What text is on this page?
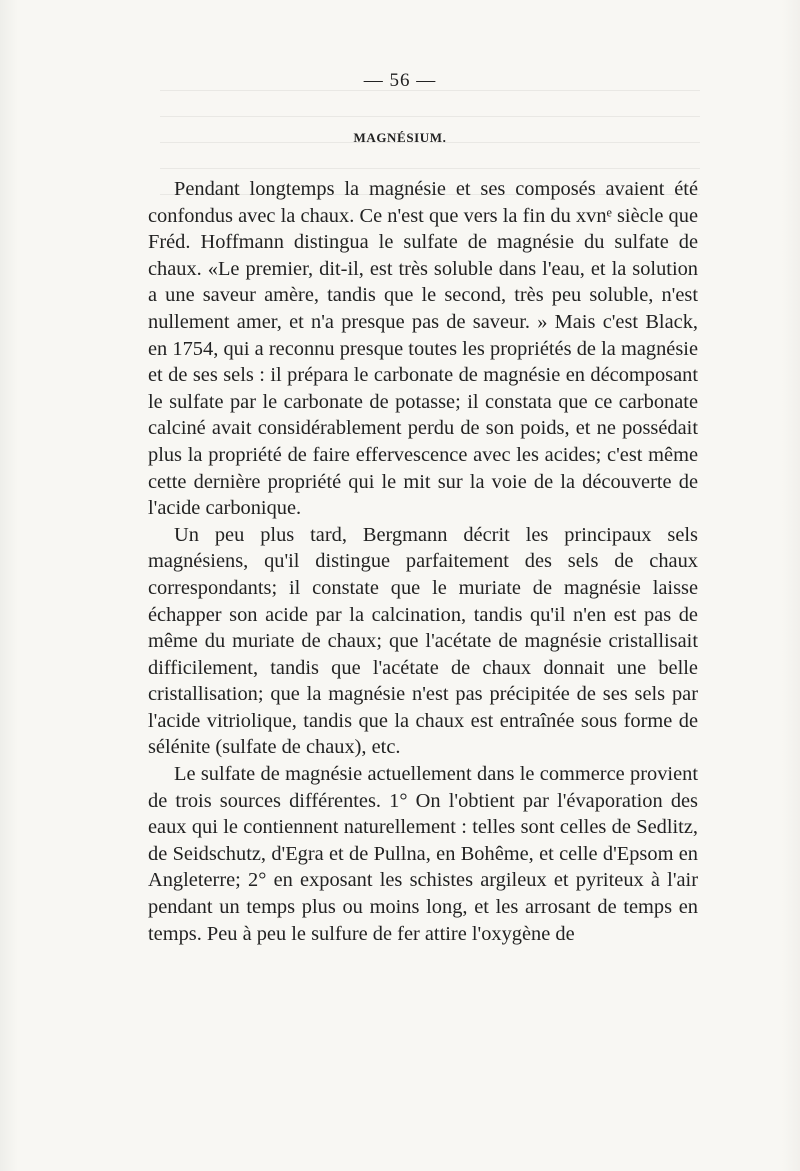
— 56 —
MAGNÉSIUM.

Pendant longtemps la magnésie et ses composés avaient été confondus avec la chaux. Ce n'est que vers la fin du xvnᵉ siècle que Fréd. Hoffmann distingua le sulfate de magnésie du sulfate de chaux. «Le premier, dit-il, est très soluble dans l'eau, et la solution a une saveur amère, tandis que le second, très peu soluble, n'est nullement amer, et n'a presque pas de saveur. » Mais c'est Black, en 1754, qui a reconnu presque toutes les propriétés de la magnésie et de ses sels : il prépara le carbonate de magnésie en décomposant le sulfate par le carbonate de potasse; il constata que ce carbonate calciné avait considérablement perdu de son poids, et ne possédait plus la propriété de faire effervescence avec les acides; c'est même cette dernière propriété qui le mit sur la voie de la découverte de l'acide carbonique.

Un peu plus tard, Bergmann décrit les principaux sels magnésiens, qu'il distingue parfaitement des sels de chaux correspondants; il constate que le muriate de magnésie laisse échapper son acide par la calcination, tandis qu'il n'en est pas de même du muriate de chaux; que l'acétate de magnésie cristallisait difficilement, tandis que l'acétate de chaux donnait une belle cristallisation; que la magnésie n'est pas précipitée de ses sels par l'acide vitriolique, tandis que la chaux est entraînée sous forme de sélénite (sulfate de chaux), etc.

Le sulfate de magnésie actuellement dans le commerce provient de trois sources différentes. 1° On l'obtient par l'évaporation des eaux qui le contiennent naturellement : telles sont celles de Sedlitz, de Seidschutz, d'Egra et de Pullna, en Bohême, et celle d'Epsom en Angleterre; 2° en exposant les schistes argileux et pyriteux à l'air pendant un temps plus ou moins long, et les arrosant de temps en temps. Peu à peu le sulfure de fer attire l'oxygène de
